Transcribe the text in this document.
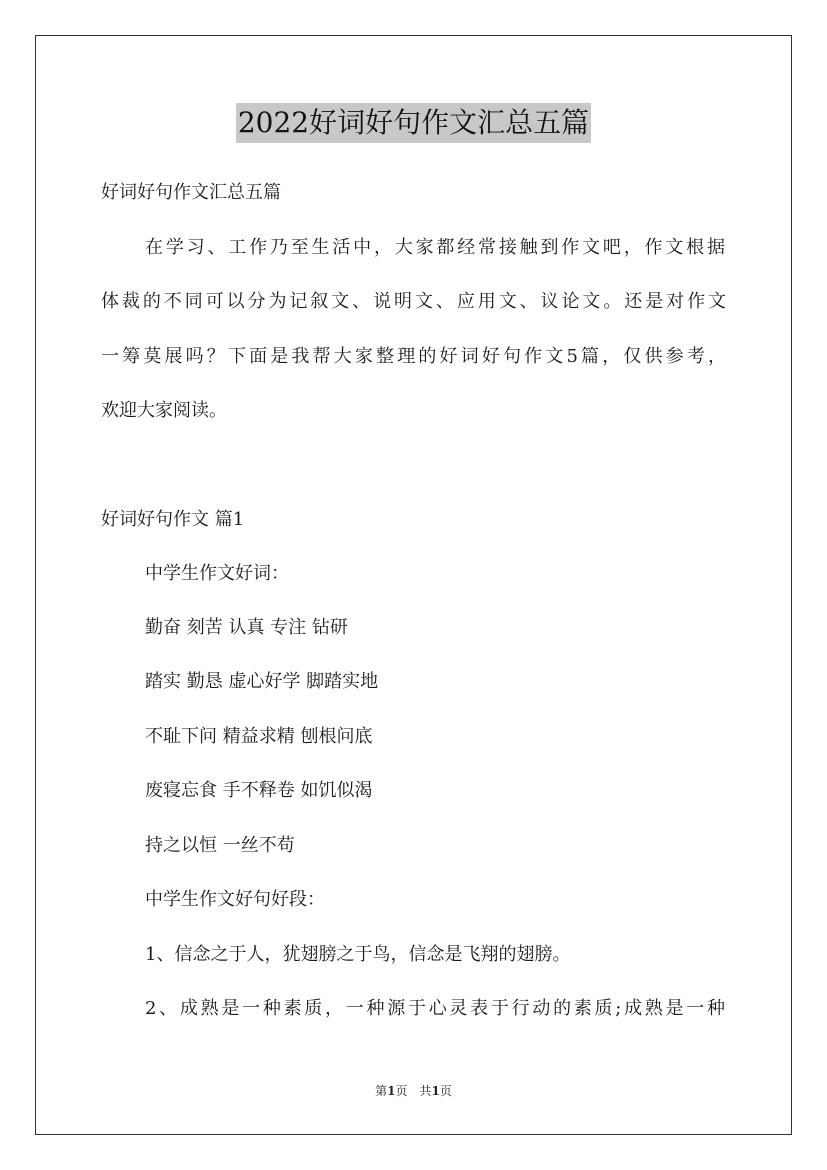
2022好词好句作文汇总五篇
好词好句作文汇总五篇
在学习、工作乃至生活中，大家都经常接触到作文吧，作文根据
体裁的不同可以分为记叙文、说明文、应用文、议论文。还是对作文
一筹莫展吗？下面是我帮大家整理的好词好句作文5篇，仅供参考，
欢迎大家阅读。
好词好句作文 篇1
中学生作文好词：
勤奋 刻苦 认真 专注 钻研
踏实 勤恳 虚心好学 脚踏实地
不耻下问 精益求精 刨根问底
废寝忘食 手不释卷 如饥似渴
持之以恒 一丝不苟
中学生作文好句好段：
1、信念之于人，犹翅膀之于鸟，信念是飞翔的翅膀。
2、成熟是一种素质，一种源于心灵表于行动的素质;成熟是一种
第1页 共1页
